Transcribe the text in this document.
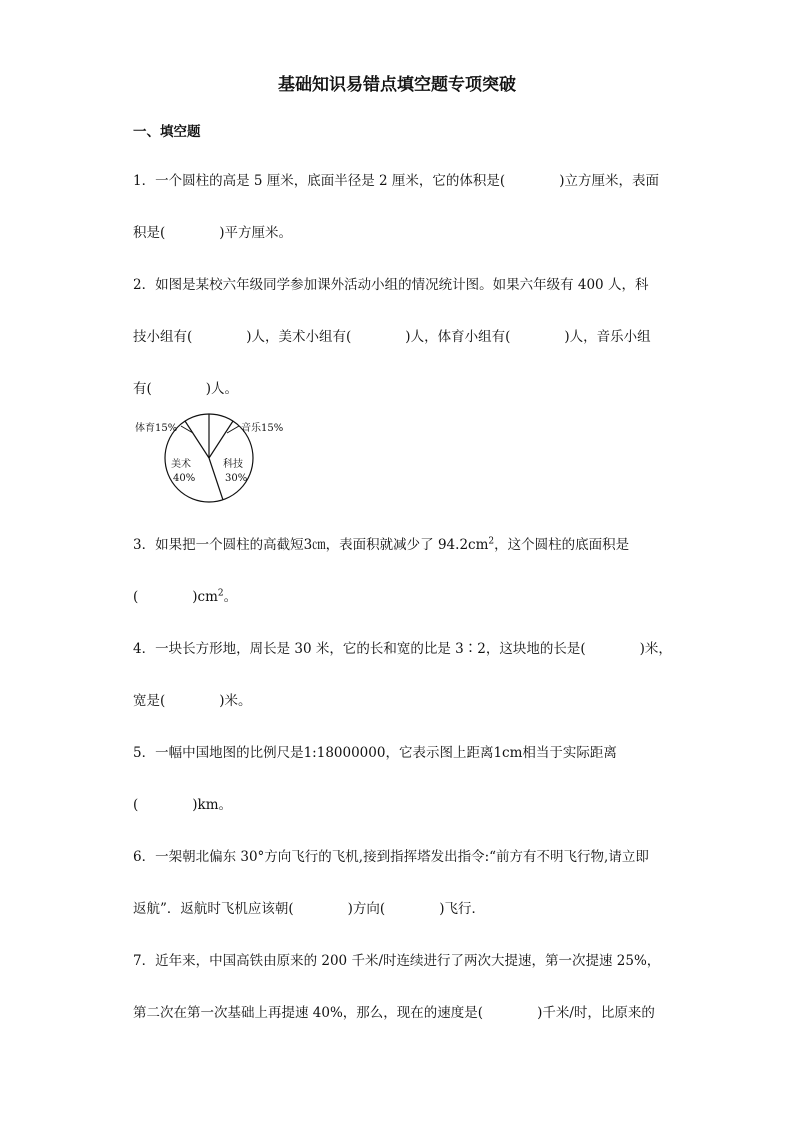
基础知识易错点填空题专项突破
一、填空题
1．一个圆柱的高是 5 厘米，底面半径是 2 厘米，它的体积是(　　　　)立方厘米，表面
积是(　　　　)平方厘米。
2．如图是某校六年级同学参加课外活动小组的情况统计图。如果六年级有 400 人，科
技小组有(　　　　)人，美术小组有(　　　　)人，体育小组有(　　　　)人，音乐小组
有(　　　　)人。
体育15%	音乐15%
美术
40%
科技
30%
3．如果把一个圆柱的高截短3㎝，表面积就减少了 $94.2cm^2$，这个圆柱的底面积是
(　　　　)$cm^2$。
4．一块长方形地，周长是 30 米，它的长和宽的比是 3∶2，这块地的长是(　　　　)米，
宽是(　　　　)米。
5．一幅中国地图的比例尺是1:18000000，它表示图上距离1cm相当于实际距离
(　　　　)km。
6．一架朝北偏东 30°方向飞行的飞机,接到指挥塔发出指令:“前方有不明飞行物,请立即
返航”．返航时飞机应该朝(　　　　)方向(　　　　)飞行．
7．近年来，中国高铁由原来的 200 千米/时连续进行了两次大提速，第一次提速 25%，
第二次在第一次基础上再提速 40%，那么，现在的速度是(　　　　)千米/时，比原来的
